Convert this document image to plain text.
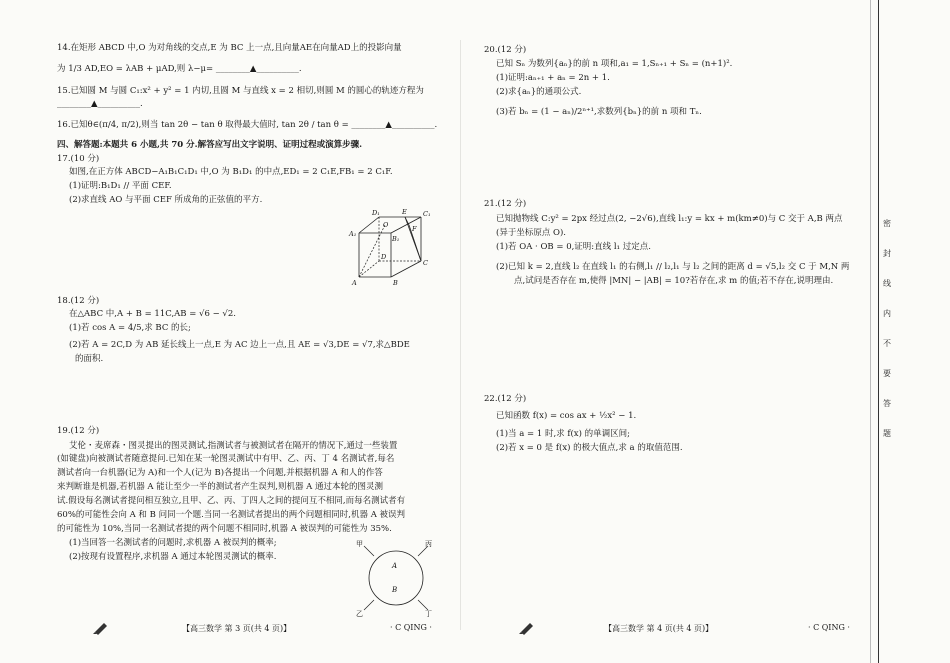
14.在矩形 ABCD 中,O 为对角线的交点,E 为 BC 上一点,且向量AE在向量AD上的投影向量
为 1/3 AD,EO = λAB + μAD,则 λ−μ= ________▲__________.
15.已知圆 M 与圆 C₁:x² + y² = 1 内切,且圆 M 与直线 x = 2 相切,则圆 M 的圆心的轨迹方程为
________▲__________.
16.已知θ∈(π/4, π/2),则当 tan 2θ − tan θ 取得最大值时, tan 2θ / tan θ = ________▲__________.
四、解答题:本题共 6 小题,共 70 分.解答应写出文字说明、证明过程或演算步骤.
17.(10 分)
如图,在正方体 ABCD−A₁B₁C₁D₁ 中,O 为 B₁D₁ 的中点,ED₁ = 2 C₁E,FB₁ = 2 C₁F.
(1)证明:B₁D₁ // 平面 CEF.
(2)求直线 AO 与平面 CEF 所成角的正弦值的平方.
18.(12 分)
在△ABC 中,A + B = 11C,AB = √6 − √2.
(1)若 cos A = 4/5,求 BC 的长;
(2)若 A = 2C,D 为 AB 延长线上一点,E 为 AC 边上一点,且 AE = √3,DE = √7,求△BDE
的面积.
19.(12 分)
艾伦・麦席森・图灵提出的图灵测试,指测试者与被测试者在隔开的情况下,通过一些装置
(如键盘)向被测试者随意提问.已知在某一轮图灵测试中有甲、乙、丙、丁 4 名测试者,每名
测试者向一台机器(记为 A)和一个人(记为 B)各提出一个问题,并根据机器 A 和人的作答
来判断谁是机器,若机器 A 能让至少一半的测试者产生误判,则机器 A 通过本轮的图灵测
试.假设每名测试者提问相互独立,且甲、乙、丙、丁四人之间的提问互不相同,而每名测试者有
60%的可能性会向 A 和 B 问同一个题.当同一名测试者提出的两个问题相同时,机器 A 被误判
的可能性为 10%,当同一名测试者提的两个问题不相同时,机器 A 被误判的可能性为 35%.
(1)当回答一名测试者的问题时,求机器 A 被误判的概率;
(2)按现有设置程序,求机器 A 通过本轮图灵测试的概率.
D₁	E	C₁
A₁
F
O
B₁
D
C
A	B
甲	丙
A
B
乙	丁
20.(12 分)
已知 Sₙ 为数列{aₙ}的前 n 项和,a₁ = 1,Sₙ₊₁ + Sₙ = (n+1)².
(1)证明:aₙ₊₁ + aₙ = 2n + 1.
(2)求{aₙ}的通项公式.
(3)若 bₙ = (1 − aₙ)/2ⁿ⁺¹,求数列{bₙ}的前 n 项和 Tₙ.
21.(12 分)
已知抛物线 C:y² = 2px 经过点(2, −2√6),直线 l₁:y = kx + m(km≠0)与 C 交于 A,B 两点
(异于坐标原点 O).
(1)若 OA · OB = 0,证明:直线 l₁ 过定点.
(2)已知 k = 2,直线 l₂ 在直线 l₁ 的右侧,l₁ // l₂,l₁ 与 l₂ 之间的距离 d = √5,l₂ 交 C 于 M,N 两
点,试问是否存在 m,使得 |MN| − |AB| = 10?若存在,求 m 的值;若不存在,说明理由.
22.(12 分)
已知函数 f(x) = cos ax + ½x² − 1.
(1)当 a = 1 时,求 f(x) 的单调区间;
(2)若 x = 0 是 f(x) 的极大值点,求 a 的取值范围.
【高三数学 第 3 页(共 4 页)】	· C QING ·	【高三数学 第 4 页(共 4 页)】	· C QING ·
密
封
线
内
不
要
答
题
